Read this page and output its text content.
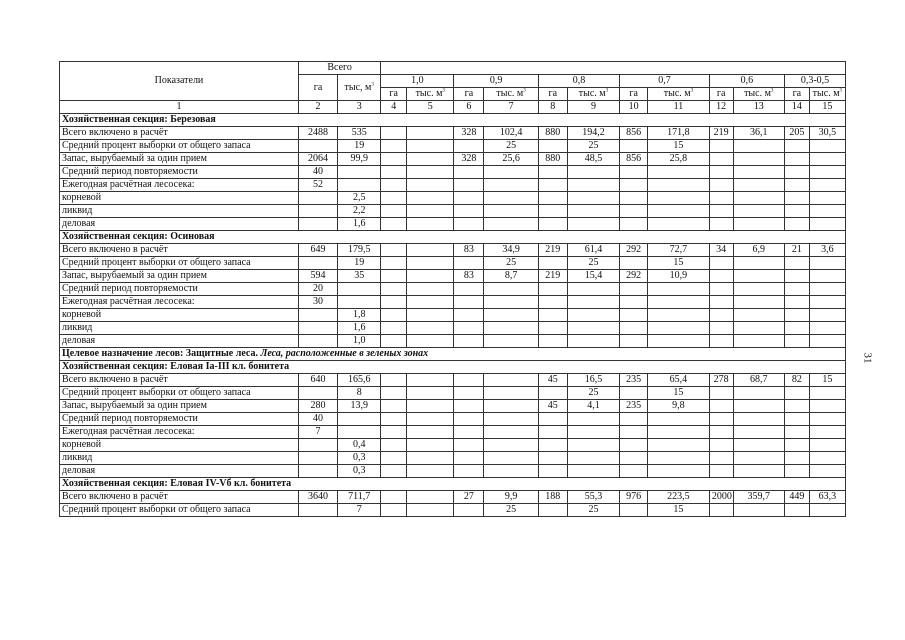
Показатели	Всего													
	га	тыс, $м^3$	1,0		0,9		0,8		0,7		0,6		0,3-0,5	
			га	тыс. $м^3$	га	тыс. $м^3$	га	тыс. $м^3$	га	тыс. $м^3$	га	тыс. $м^3$	га	тыс. $м^3$
1	2	3	4	5	6	7	8	9	10	11	12	13	14	15
Хозяйственная секция: Березовая														
Всего включено в расчёт	2488	535			328	102,4	880	194,2	856	171,8	219	36,1	205	30,5
Средний процент выборки от общего запаса		19				25		25		15				
Запас, вырубаемый за один прием	2064	99,9			328	25,6	880	48,5	856	25,8				
Средний период повторяемости	40													
Ежегодная расчётная лесосека:	52													
корневой		2,5												
ликвид		2,2												
деловая		1,6												
Хозяйственная секция: Осиновая														
Всего включено в расчёт	649	179,5			83	34,9	219	61,4	292	72,7	34	6,9	21	3,6
Средний процент выборки от общего запаса		19				25		25		15				
Запас, вырубаемый за один прием	594	35			83	8,7	219	15,4	292	10,9				
Средний период повторяемости	20													
Ежегодная расчётная лесосека:	30													
корневой		1,8												
ликвид		1,6												
деловая		1,0												
Целевое назначение лесов: Защитные леса. Леса, расположенные в зеленых зонах														
Хозяйственная секция: Еловая Ia-III кл. бонитета														
Всего включено в расчёт	640	165,6					45	16,5	235	65,4	278	68,7	82	15
Средний процент выборки от общего запаса		8						25		15				
Запас, вырубаемый за один прием	280	13,9					45	4,1	235	9,8				
Средний период повторяемости	40													
Ежегодная расчётная лесосека:	7													
корневой		0,4												
ликвид		0,3												
деловая		0,3												
Хозяйственная секция: Еловая IV-Vб кл. бонитета														
Всего включено в расчёт	3640	711,7			27	9,9	188	55,3	976	223,5	2000	359,7	449	63,3
Средний процент выборки от общего запаса		7				25		25		15				
31
